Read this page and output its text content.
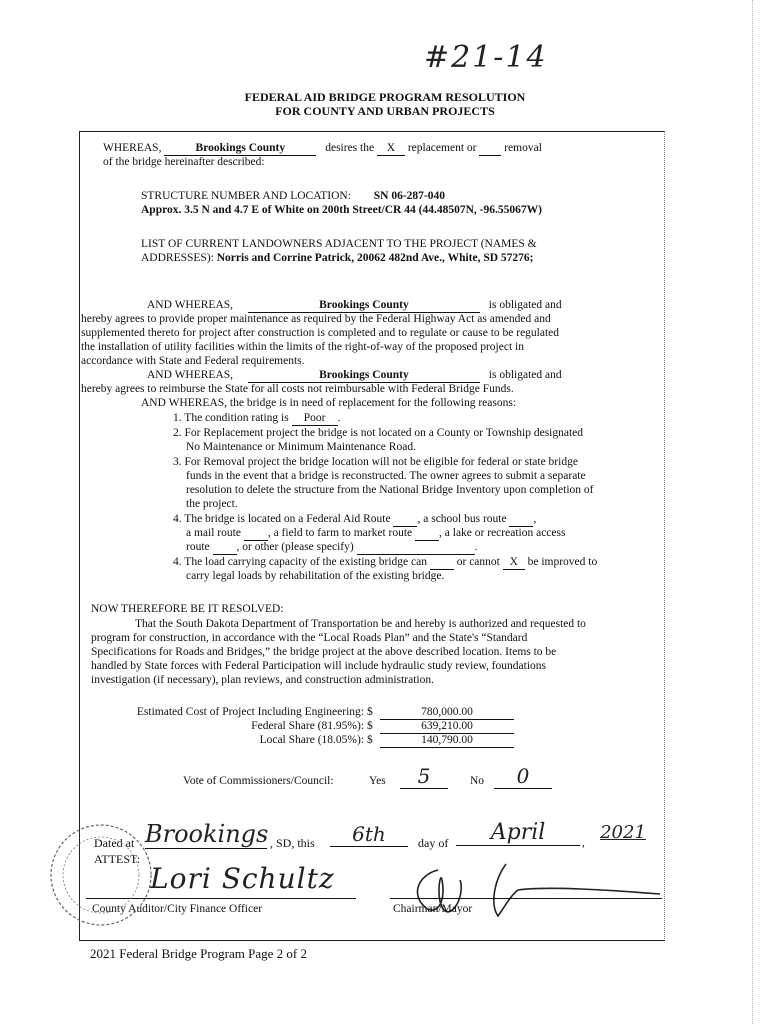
#21-14
FEDERAL AID BRIDGE PROGRAM RESOLUTION
FOR COUNTY AND URBAN PROJECTS
WHEREAS,	Brookings County	desires the X replacement or removal
of the bridge hereinafter described:
STRUCTURE NUMBER AND LOCATION: SN 06-287-040
Approx. 3.5 N and 4.7 E of White on 200th Street/CR 44 (44.48507N, -96.55067W)
LIST OF CURRENT LANDOWNERS ADJACENT TO THE PROJECT (NAMES &
ADDRESSES): Norris and Corrine Patrick, 20062 482nd Ave., White, SD 57276;
AND WHEREAS,	Brookings County	is obligated and
hereby agrees to provide proper maintenance as required by the Federal Highway Act as amended and
supplemented thereto for project after construction is completed and to regulate or cause to be regulated
the installation of utility facilities within the limits of the right-of-way of the proposed project in
accordance with State and Federal requirements.
AND WHEREAS,	Brookings County	is obligated and
hereby agrees to reimburse the State for all costs not reimbursable with Federal Bridge Funds.
AND WHEREAS, the bridge is in need of replacement for the following reasons:
1. The condition rating is Poor .
2. For Replacement project the bridge is not located on a County or Township designated
No Maintenance or Minimum Maintenance Road.
3. For Removal project the bridge location will not be eligible for federal or state bridge
funds in the event that a bridge is reconstructed. The owner agrees to submit a separate
resolution to delete the structure from the National Bridge Inventory upon completion of
the project.
4. The bridge is located on a Federal Aid Route , a school bus route ,
a mail route , a field to farm to market route , a lake or recreation access
route , or other (please specify)	.
4. The load carrying capacity of the existing bridge can	or cannot X be improved to
carry legal loads by rehabilitation of the existing bridge.
NOW THEREFORE BE IT RESOLVED:
That the South Dakota Department of Transportation be and hereby is authorized and requested to
program for construction, in accordance with the “Local Roads Plan” and the State's “Standard
Specifications for Roads and Bridges,” the bridge project at the above described location. Items to be
handled by State forces with Federal Participation will include hydraulic study review, foundations
investigation (if necessary), plan reviews, and construction administration.
Estimated Cost of Project Including Engineering: $	780,000.00
Federal Share (81.95%): $	639,210.00
Local Share (18.05%): $	140,790.00
Vote of Commissioners/Council:	Yes	5	No	0
Dated at Brookings , SD, this	6th	day of	April	, 2021
ATTEST:
Lori Schultz
County Auditor/City Finance Officer	Chairman/Mayor
2021 Federal Bridge Program Page 2 of 2
